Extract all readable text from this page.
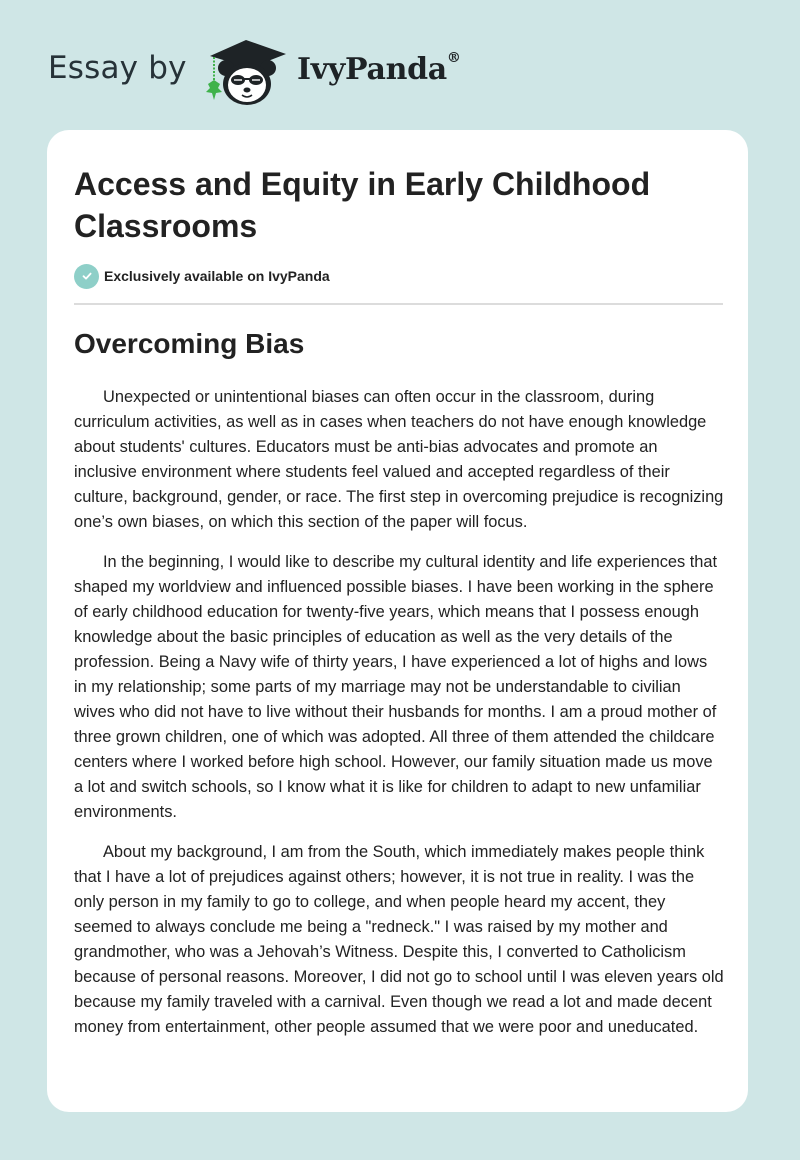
Essay by	IvyPanda®
Access and Equity in Early Childhood Classrooms
Exclusively available on IvyPanda
Overcoming Bias

Unexpected or unintentional biases can often occur in the classroom, during curriculum activities, as well as in cases when teachers do not have enough knowledge about students' cultures. Educators must be anti-bias advocates and promote an inclusive environment where students feel valued and accepted regardless of their culture, background, gender, or race. The first step in overcoming prejudice is recognizing one’s own biases, on which this section of the paper will focus.

In the beginning, I would like to describe my cultural identity and life experiences that shaped my worldview and influenced possible biases. I have been working in the sphere of early childhood education for twenty-five years, which means that I possess enough knowledge about the basic principles of education as well as the very details of the profession. Being a Navy wife of thirty years, I have experienced a lot of highs and lows in my relationship; some parts of my marriage may not be understandable to civilian wives who did not have to live without their husbands for months. I am a proud mother of three grown children, one of which was adopted. All three of them attended the childcare centers where I worked before high school. However, our family situation made us move a lot and switch schools, so I know what it is like for children to adapt to new unfamiliar environments.

About my background, I am from the South, which immediately makes people think that I have a lot of prejudices against others; however, it is not true in reality. I was the only person in my family to go to college, and when people heard my accent, they seemed to always conclude me being a "redneck." I was raised by my mother and grandmother, who was a Jehovah’s Witness. Despite this, I converted to Catholicism because of personal reasons. Moreover, I did not go to school until I was eleven years old because my family traveled with a carnival. Even though we read a lot and made decent money from entertainment, other people assumed that we were poor and uneducated.
